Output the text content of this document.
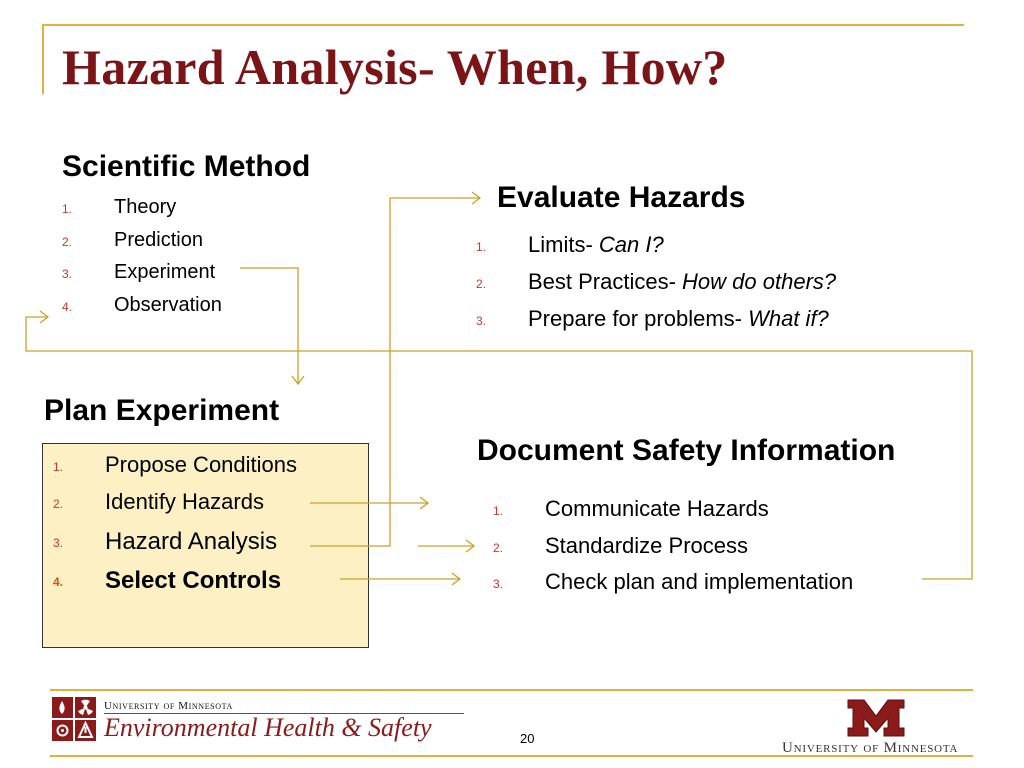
Hazard Analysis- When, How?
Scientific Method
1. Theory
2. Prediction
3. Experiment
4. Observation
Evaluate Hazards
1. Limits- Can I?
2. Best Practices- How do others?
3. Prepare for problems- What if?
Plan Experiment
1. Propose Conditions
2. Identify Hazards
3. Hazard Analysis
4. Select Controls
Document Safety Information
1. Communicate Hazards
2. Standardize Process
3. Check plan and implementation
University of Minnesota
Environmental Health & Safety	20
University of Minnesota
